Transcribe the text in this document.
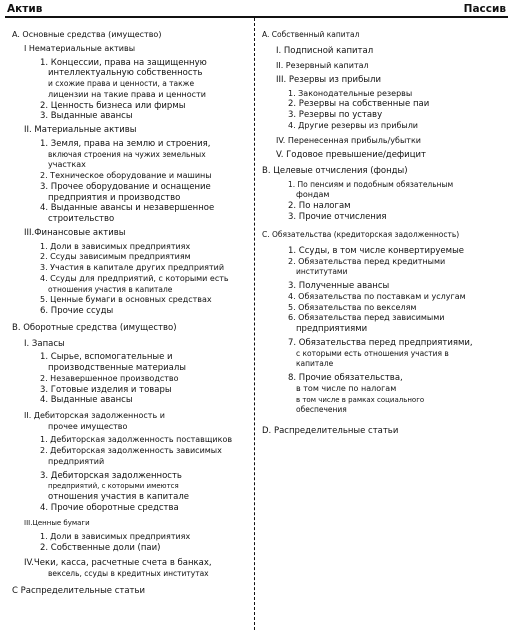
Актив	Пассив
A. Основные средства (имущество)
I Нематериальные активы
1. Концессии, права на защищенную
интеллектуальную собственность
и схожие права и ценности, а также
лицензии на такие права и ценности
2. Ценность бизнеса или фирмы
3. Выданные авансы
II. Материальные активы
1. Земля, права на землю и строения,
включая строения на чужих земельных
участках
2. Техническое оборудование и машины
3. Прочее оборудование и оснащение
предприятия и производство
4. Выданные авансы и незавершенное
строительство
III.Финансовые активы
1. Доли в зависимых предприятиях
2. Ссуды зависимым предприятиям
3. Участия в капитале других предприятий
4. Ссуды для предприятий, с которыми есть
отношения участия в капитале
5. Ценные бумаги в основных средствах
6. Прочие ссуды
B. Оборотные средства (имущество)
I. Запасы
1. Сырье, вспомогательные и
производственные материалы
2. Незавершенное производство
3. Готовые изделия и товары
4. Выданные авансы
II. Дебиторская задолженность и
прочее имущество
1. Дебиторская задолженность поставщиков
2. Дебиторская задолженность зависимых
предприятий
3. Дебиторская задолженность
предприятий, с которыми имеются
отношения участия в капитале
4. Прочие оборотные средства
III.Ценные бумаги
1. Доли в зависимых предприятиях
2. Собственные доли (паи)
IV.Чеки, касса, расчетные счета в банках,
вексель, ссуды в кредитных институтах
C Распределительные статьи
A. Собственный капитал
I. Подписной капитал
II. Резервный капитал
III. Резервы из прибыли
1. Законодательные резервы
2. Резервы на собственные паи
3. Резервы по уставу
4. Другие резервы из прибыли
IV. Перенесенная прибыль/убытки
V. Годовое превышение/дефицит
B. Целевые отчисления (фонды)
1. По пенсиям и подобным обязательным
фондам
2. По налогам
3. Прочие отчисления
C. Обязательства (кредиторская задолженность)
1. Ссуды, в том числе конвертируемые
2. Обязательства перед кредитными
институтами
3. Полученные авансы
4. Обязательства по поставкам и услугам
5. Обязательства по векселям
6. Обязательства перед зависимыми
предприятиями
7. Обязательства перед предприятиями,
с которыми есть отношения участия в
капитале
8. Прочие обязательства,
в том числе по налогам
в том числе в рамках социального
обеспечения
D. Распределительные статьи
